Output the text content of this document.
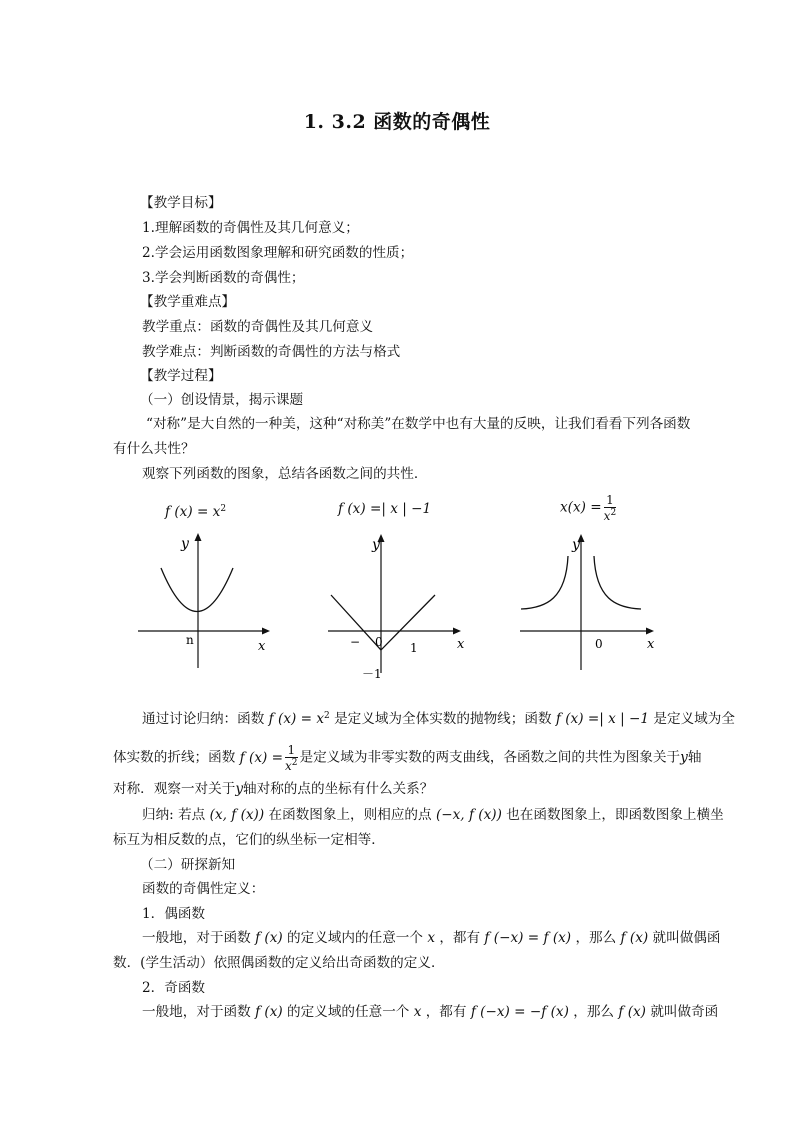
1. 3.2 函数的奇偶性
【教学目标】
1.理解函数的奇偶性及其几何意义；
2.学会运用函数图象理解和研究函数的性质；
3.学会判断函数的奇偶性；
【教学重难点】
教学重点：函数的奇偶性及其几何意义
教学难点：判断函数的奇偶性的方法与格式
【教学过程】
（一）创设情景，揭示课题
“对称”是大自然的一种美，这种“对称美”在数学中也有大量的反映，让我们看看下列各函数
有什么共性？
观察下列函数的图象，总结各函数之间的共性．
f $(x) = x^2$	f (x) =| x | −1	$x(x) = \frac{1}{x^2}$
y
x
n
y
x
− 0 1
－1
y
x
0
通过讨论归纳：函数 f $(x) = x^2$ 是定义域为全体实数的抛物线；函数 f (x) =| x | −1 是定义域为全
体实数的折线；函数 f $(x) = \frac{1}{x^2}$ 是定义域为非零实数的两支曲线，各函数之间的共性为图象关于y轴
对称．观察一对关于y轴对称的点的坐标有什么关系？
归纳: 若点 (x, f (x)) 在函数图象上，则相应的点 (−x, f (x)) 也在函数图象上，即函数图象上横坐
标互为相反数的点，它们的纵坐标一定相等．
（二）研探新知
函数的奇偶性定义：
1．偶函数
一般地，对于函数 f (x) 的定义域内的任意一个 x ，都有 f (−x) = f (x) ，那么 f (x) 就叫做偶函
数．(学生活动）依照偶函数的定义给出奇函数的定义．
2．奇函数
一般地，对于函数 f (x) 的定义域的任意一个 x ，都有 f (−x) = −f (x) ，那么 f (x) 就叫做奇函
